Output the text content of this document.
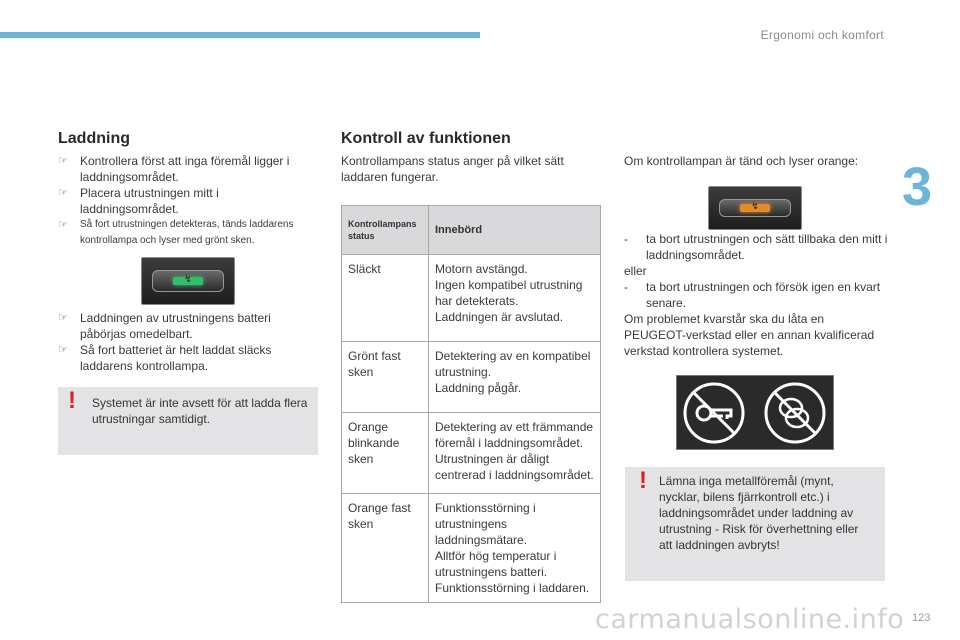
Ergonomi och komfort
3
123
carmanualsonline.info
Laddning
☞ Kontrollera först att inga föremål ligger i laddningsområdet.
☞ Placera utrustningen mitt i laddningsområdet.
☞ Så fort utrustningen detekteras, tänds laddarens kontrollampa och lyser med grönt sken.
↯
☞ Laddningen av utrustningens batteri påbörjas omedelbart.
☞ Så fort batteriet är helt laddat släcks laddarens kontrollampa.
! Systemet är inte avsett för att ladda flera utrustningar samtidigt.
Kontroll av funktionen
Kontrollampans status anger på vilket sätt laddaren fungerar.
Kontrollampans status	Innebörd
Släckt	Motorn avstängd.
Ingen kompatibel utrustning har detekterats.
Laddningen är avslutad.

Grönt fast sken	Detektering av en kompatibel utrustning.
Laddning pågår.

Orange blinkande sken	Detektering av ett främmande föremål i laddningsområdet.
Utrustningen är dåligt centrerad i laddningsområdet.

Orange fast sken	Funktionsstörning i utrustningens laddningsmätare.
Alltför hög temperatur i utrustningens batteri.
Funktionsstörning i laddaren.
Om kontrollampan är tänd och lyser orange:
↯

- ta bort utrustningen och sätt tillbaka den mitt i laddningsområdet.

eller

- ta bort utrustningen och försök igen en kvart senare.

Om problemet kvarstår ska du låta en PEUGEOT-verkstad eller en annan kvalificerad verkstad kontrollera systemet.

! Lämna inga metallföremål (mynt, nycklar, bilens fjärrkontroll etc.) i laddningsområdet under laddning av utrustning - Risk för överhettning eller att laddningen avbryts!
